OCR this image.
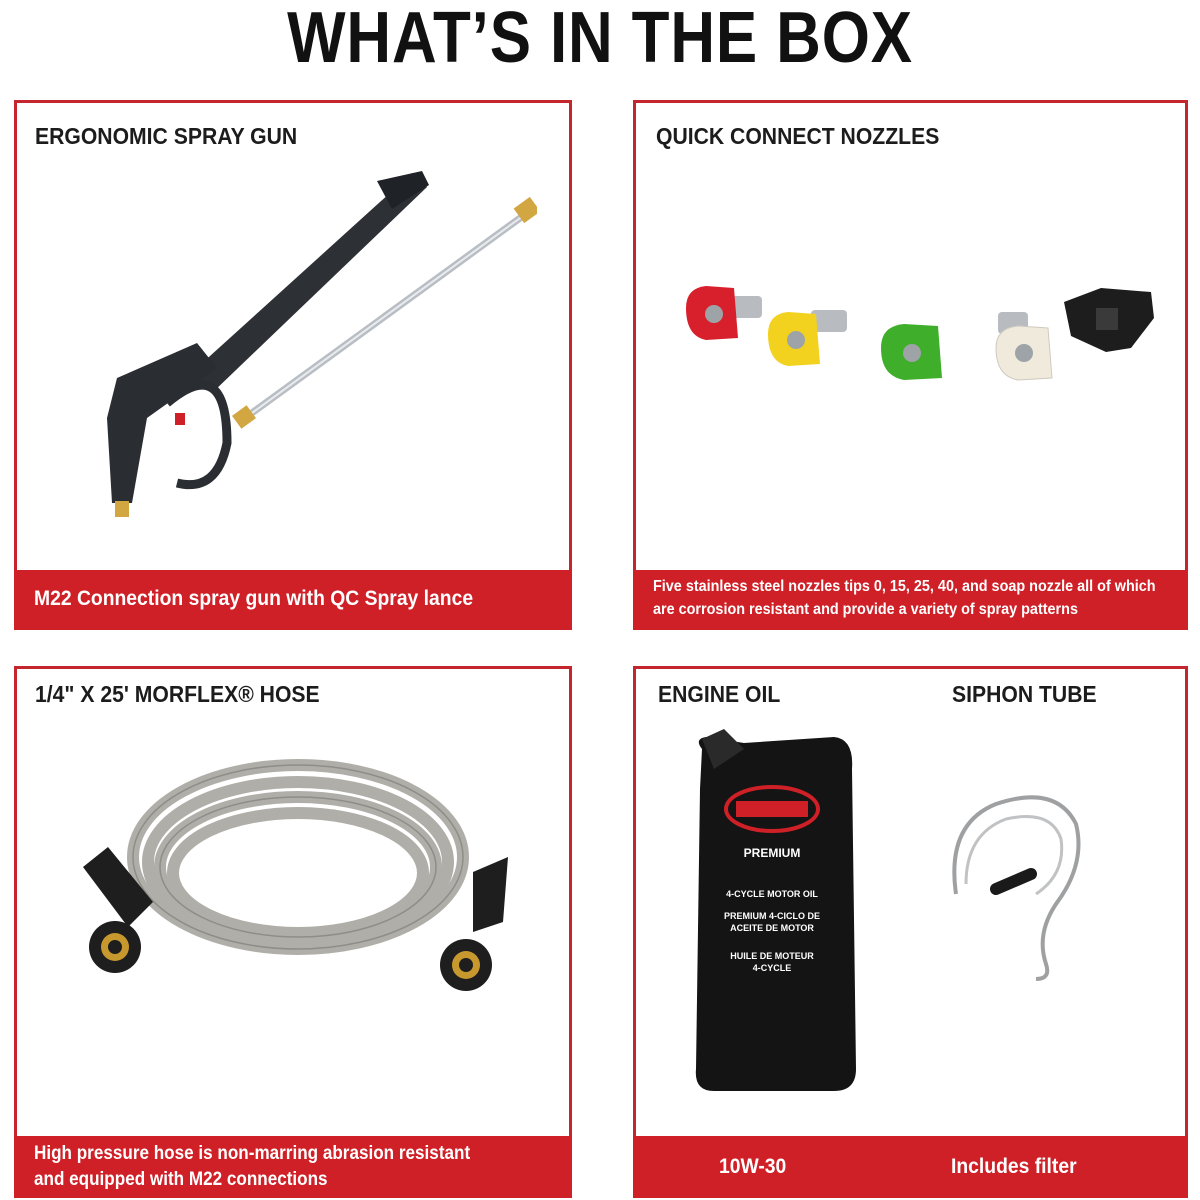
WHAT’S IN THE BOX
ERGONOMIC SPRAY GUN
M22 Connection spray gun with QC Spray lance
QUICK CONNECT NOZZLES
Five stainless steel nozzles tips 0, 15, 25, 40, and soap nozzle all of which
are corrosion resistant and provide a variety of spray patterns
1/4" X 25' MORFLEX® HOSE
High pressure hose is non-marring abrasion resistant
and equipped with M22 connections
ENGINE OIL	SIPHON TUBE
PREMIUM
4-CYCLE MOTOR OIL
PREMIUM 4-CICLO DE
ACEITE DE MOTOR
HUILE DE MOTEUR
4-CYCLE
10W-30	Includes filter
